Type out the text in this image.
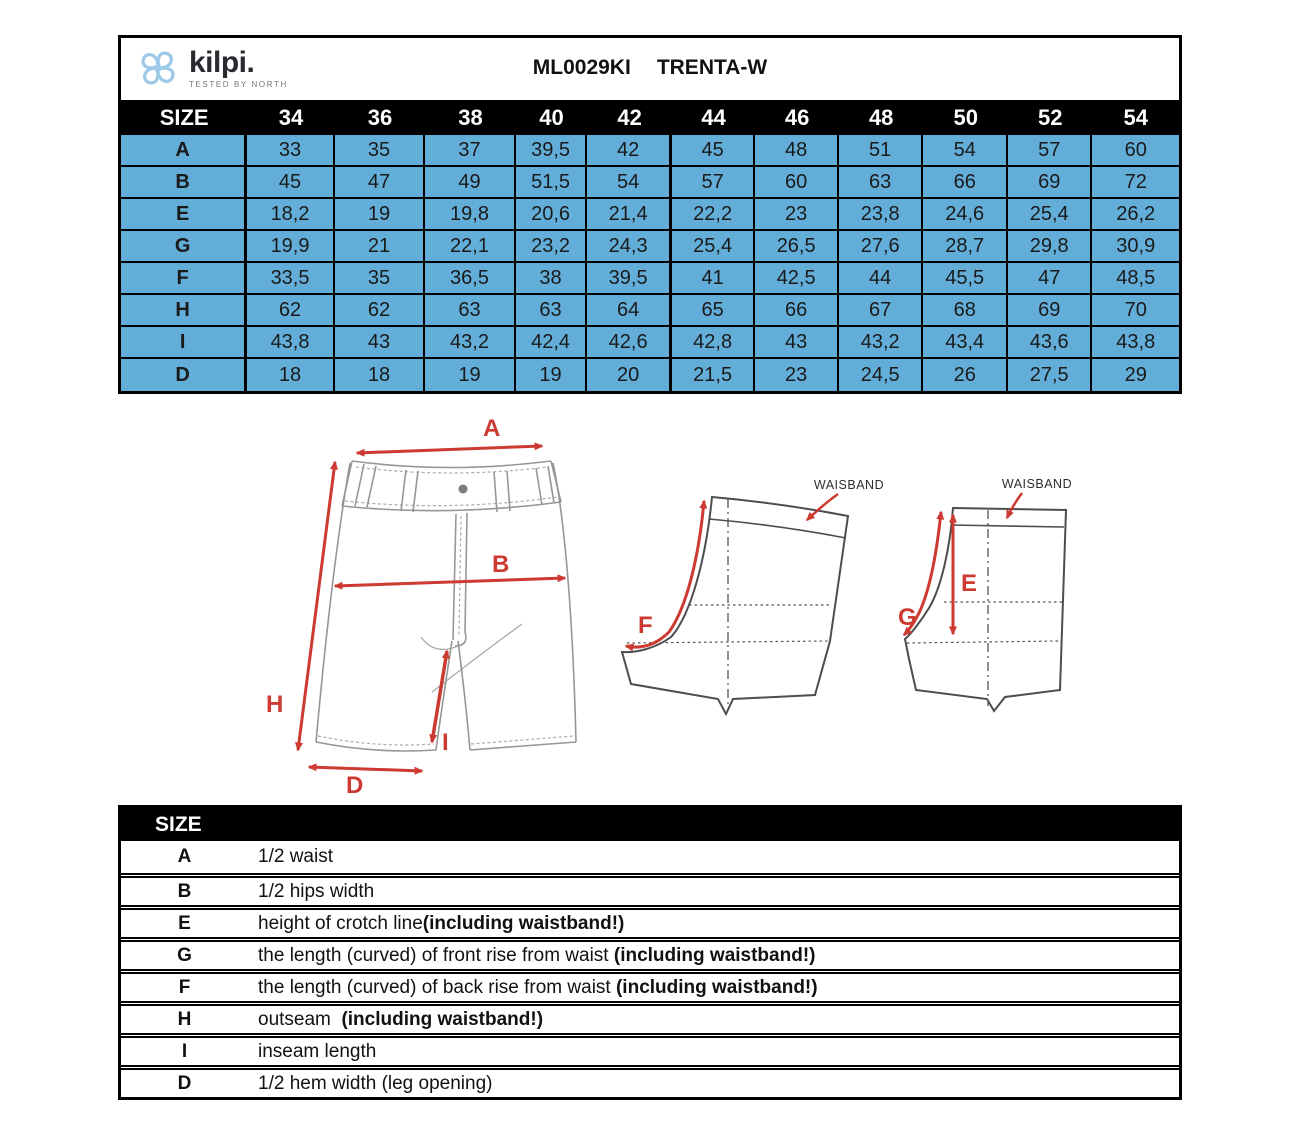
kilpi.
TESTED BY NORTH
ML0029KI TRENTA-W
SIZE	34	36	38	40	42	44	46	48	50	52	54
A	33	35	37	39,5	42	45	48	51	54	57	60
B	45	47	49	51,5	54	57	60	63	66	69	72
E	18,2	19	19,8	20,6	21,4	22,2	23	23,8	24,6	25,4	26,2
G	19,9	21	22,1	23,2	24,3	25,4	26,5	27,6	28,7	29,8	30,9
F	33,5	35	36,5	38	39,5	41	42,5	44	45,5	47	48,5
H	62	62	63	63	64	65	66	67	68	69	70
I	43,8	43	43,2	42,4	42,6	42,8	43	43,2	43,4	43,6	43,8
D	18	18	19	19	20	21,5	23	24,5	26	27,5	29
A
B
H
I
D
F
WAISBAND
G
E
WAISBAND
SIZE
A	1/2 waist
B	1/2 hips width
E	height of crotch line (including waistband!)
G	the length (curved) of front rise from waist (including waistband!)
F	the length (curved) of back rise from waist (including waistband!)
H	outseam (including waistband!)
I	inseam length
D	1/2 hem width (leg opening)
